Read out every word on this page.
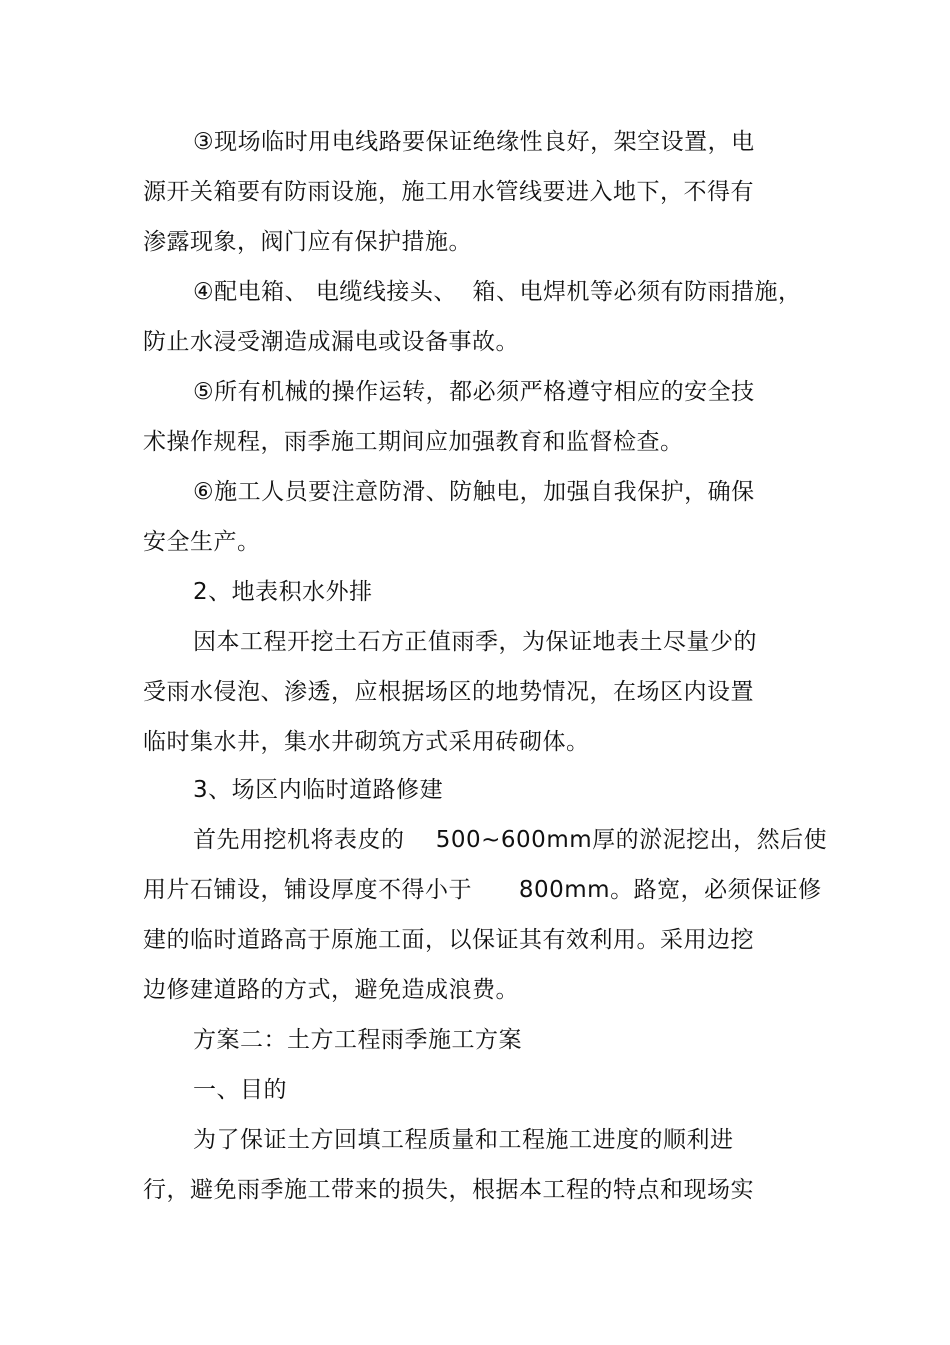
③现场临时用电线路要保证绝缘性良好，架空设置，电
源开关箱要有防雨设施，施工用水管线要进入地下，不得有
渗露现象，阀门应有保护措施。
④配电箱、 电缆线接头、  箱、电焊机等必须有防雨措施，
防止水浸受潮造成漏电或设备事故。
⑤所有机械的操作运转，都必须严格遵守相应的安全技
术操作规程，雨季施工期间应加强教育和监督检查。
⑥施工人员要注意防滑、防触电，加强自我保护，确保
安全生产。
2、地表积水外排
因本工程开挖土石方正值雨季，为保证地表土尽量少的
受雨水侵泡、渗透，应根据场区的地势情况，在场区内设置
临时集水井，集水井砌筑方式采用砖砌体。
3、场区内临时道路修建
首先用挖机将表皮的    500~600mm厚的淤泥挖出，然后使
用片石铺设，铺设厚度不得小于      800mm。路宽，必须保证修
建的临时道路高于原施工面，以保证其有效利用。采用边挖
边修建道路的方式，避免造成浪费。
方案二：土方工程雨季施工方案
一、目的
为了保证土方回填工程质量和工程施工进度的顺利进
行，避免雨季施工带来的损失，根据本工程的特点和现场实
